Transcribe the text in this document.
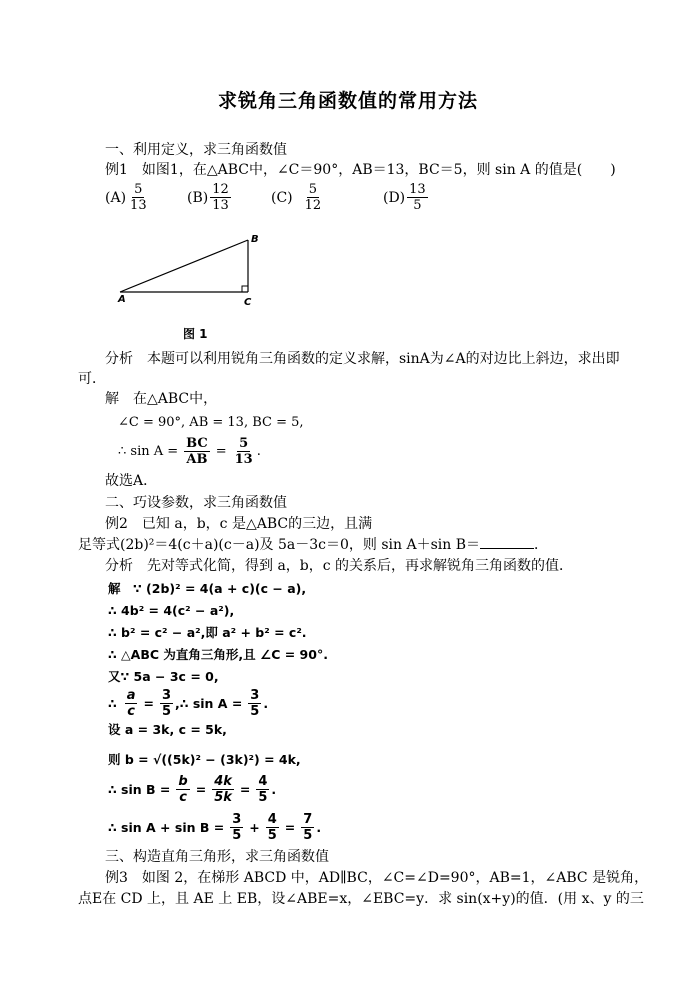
求锐角三角函数值的常用方法
一、利用定义，求三角函数值
例1　如图1，在△ABC中，∠C＝90°，AB＝13，BC＝5，则 sin A 的值是(　　)
$(A) \frac{5}{13}$	$(B) \frac{12}{13}$	$(C) \frac{5}{12}$	$(D) \frac{13}{5}$
A
B
C
图 1
分析　本题可以利用锐角三角函数的定义求解，sinA为∠A的对边比上斜边，求出即
可．
解　在△ABC中，
∠C = 90°, AB = 13, BC = 5,
∴ $\sin A = \frac{BC}{AB} = \frac{5}{13}$ .
故选A．
二、巧设参数，求三角函数值
例2　已知 a，b，c 是△ABC的三边，且满
足等式(2b)²＝4(c＋a)(c－a)及 5a－3c＝0，则 sin A＋sin B＝	．
分析　先对等式化简，得到 a，b，c 的关系后，再求解锐角三角函数的值．
解　∵ (2b)² = 4(a + c)(c − a),
∴ 4b² = 4(c² − a²),
∴ b² = c² − a²,即 a² + b² = c².
∴ △ABC 为直角三角形,且 ∠C = 90°.
又∵ 5a − 3c = 0,
∴ $\frac{a}{c} = \frac{3}{5}$ ,∴ $\sin A = \frac{3}{5}$ .
设 a = 3k, c = 5k,
则 b = √((5k)² − (3k)²) = 4k,
∴ $\sin B = \frac{b}{c} = \frac{4k}{5k} = \frac{4}{5}$ .
∴ $\sin A + \sin B = \frac{3}{5} + \frac{4}{5} = \frac{7}{5}$ .
三、构造直角三角形，求三角函数值
例3　如图 2，在梯形 ABCD 中，AD∥BC，∠C=∠D=90°，AB=1，∠ABC 是锐角，
点E在 CD 上，且 AE 上 EB，设∠ABE=x，∠EBC=y．求 sin(x+y)的值．(用 x、y 的三
